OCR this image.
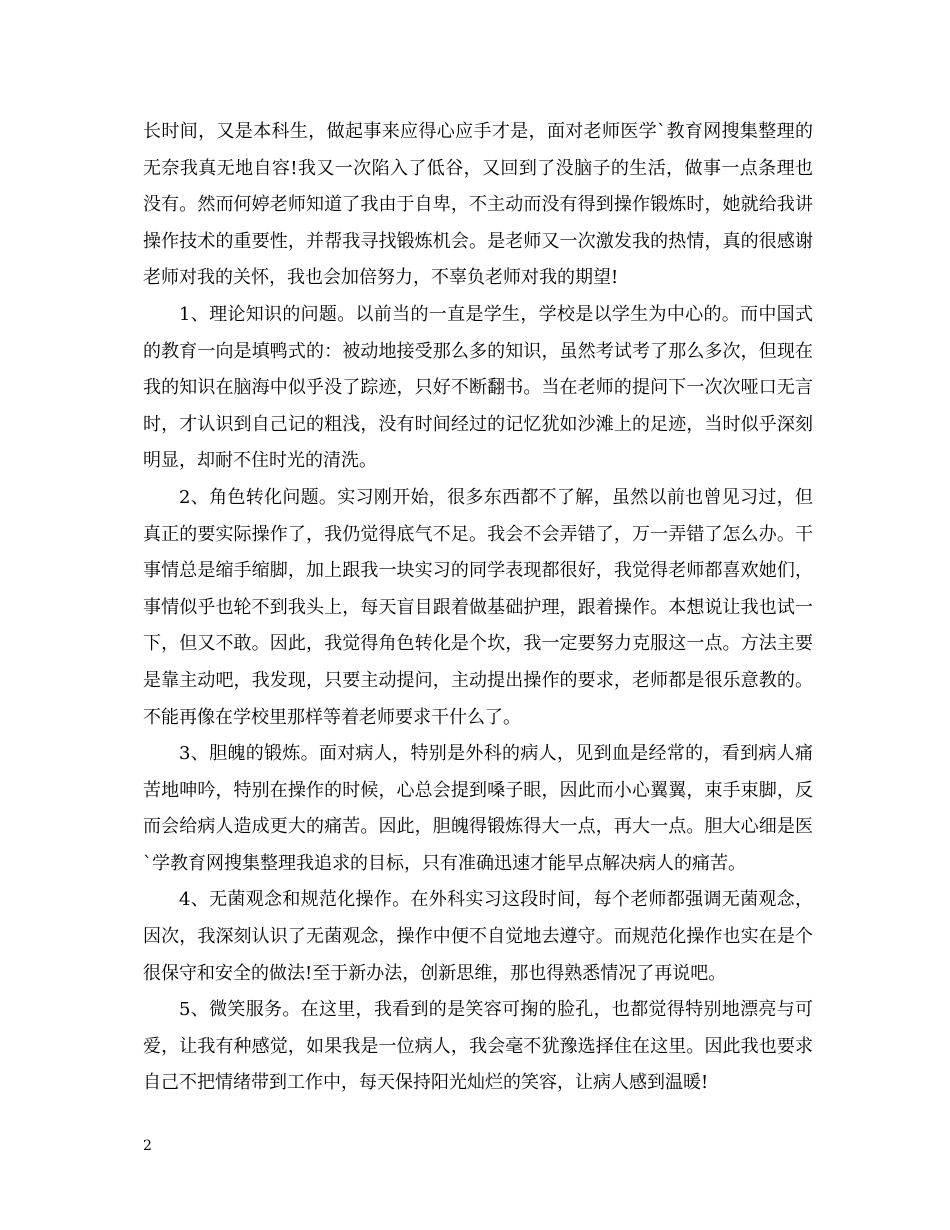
长时间，又是本科生，做起事来应得心应手才是，面对老师医学`教育网搜集整理的无奈我真无地自容!我又一次陷入了低谷，又回到了没脑子的生活，做事一点条理也没有。然而何婷老师知道了我由于自卑，不主动而没有得到操作锻炼时，她就给我讲操作技术的重要性，并帮我寻找锻炼机会。是老师又一次激发我的热情，真的很感谢老师对我的关怀，我也会加倍努力，不辜负老师对我的期望!

1、理论知识的问题。以前当的一直是学生，学校是以学生为中心的。而中国式的教育一向是填鸭式的：被动地接受那么多的知识，虽然考试考了那么多次，但现在我的知识在脑海中似乎没了踪迹，只好不断翻书。当在老师的提问下一次次哑口无言时，才认识到自己记的粗浅，没有时间经过的记忆犹如沙滩上的足迹，当时似乎深刻明显，却耐不住时光的清洗。

2、角色转化问题。实习刚开始，很多东西都不了解，虽然以前也曾见习过，但真正的要实际操作了，我仍觉得底气不足。我会不会弄错了，万一弄错了怎么办。干事情总是缩手缩脚，加上跟我一块实习的同学表现都很好，我觉得老师都喜欢她们，事情似乎也轮不到我头上，每天盲目跟着做基础护理，跟着操作。本想说让我也试一下，但又不敢。因此，我觉得角色转化是个坎，我一定要努力克服这一点。方法主要是靠主动吧，我发现，只要主动提问，主动提出操作的要求，老师都是很乐意教的。不能再像在学校里那样等着老师要求干什么了。

3、胆魄的锻炼。面对病人，特别是外科的病人，见到血是经常的，看到病人痛苦地呻吟，特别在操作的时候，心总会提到嗓子眼，因此而小心翼翼，束手束脚，反而会给病人造成更大的痛苦。因此，胆魄得锻炼得大一点，再大一点。胆大心细是医`学教育网搜集整理我追求的目标，只有准确迅速才能早点解决病人的痛苦。

4、无菌观念和规范化操作。在外科实习这段时间，每个老师都强调无菌观念，因次，我深刻认识了无菌观念，操作中便不自觉地去遵守。而规范化操作也实在是个很保守和安全的做法!至于新办法，创新思维，那也得熟悉情况了再说吧。

5、微笑服务。在这里，我看到的是笑容可掬的脸孔，也都觉得特别地漂亮与可爱，让我有种感觉，如果我是一位病人，我会毫不犹豫选择住在这里。因此我也要求自己不把情绪带到工作中，每天保持阳光灿烂的笑容，让病人感到温暖!

2
